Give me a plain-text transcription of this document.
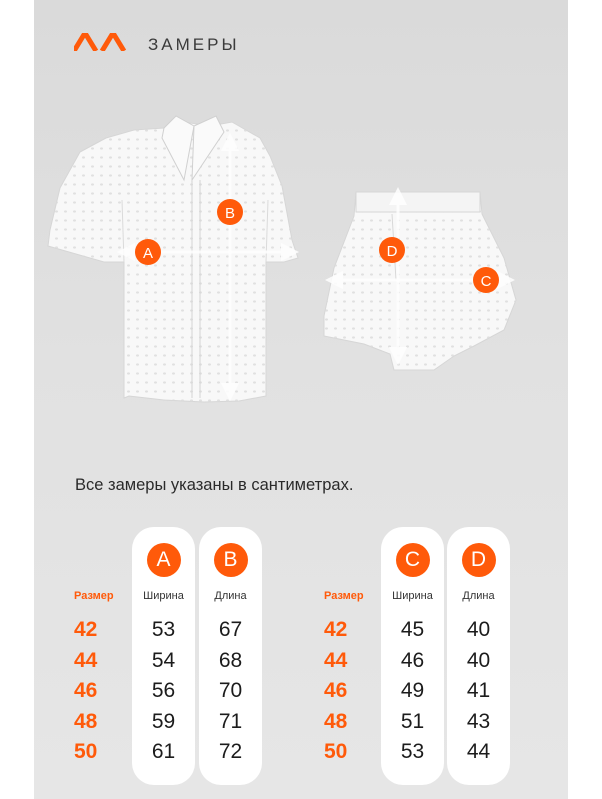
ЗАМЕРЫ
A
B
C
D
Все замеры указаны в сантиметрах.
Размер
42
44
46
48
50
A
Ширина
53
54
56
59
61
B
Длина
67
68
70
71
72
Размер
42
44
46
48
50
C
Ширина
45
46
49
51
53
D
Длина
40
40
41
43
44
